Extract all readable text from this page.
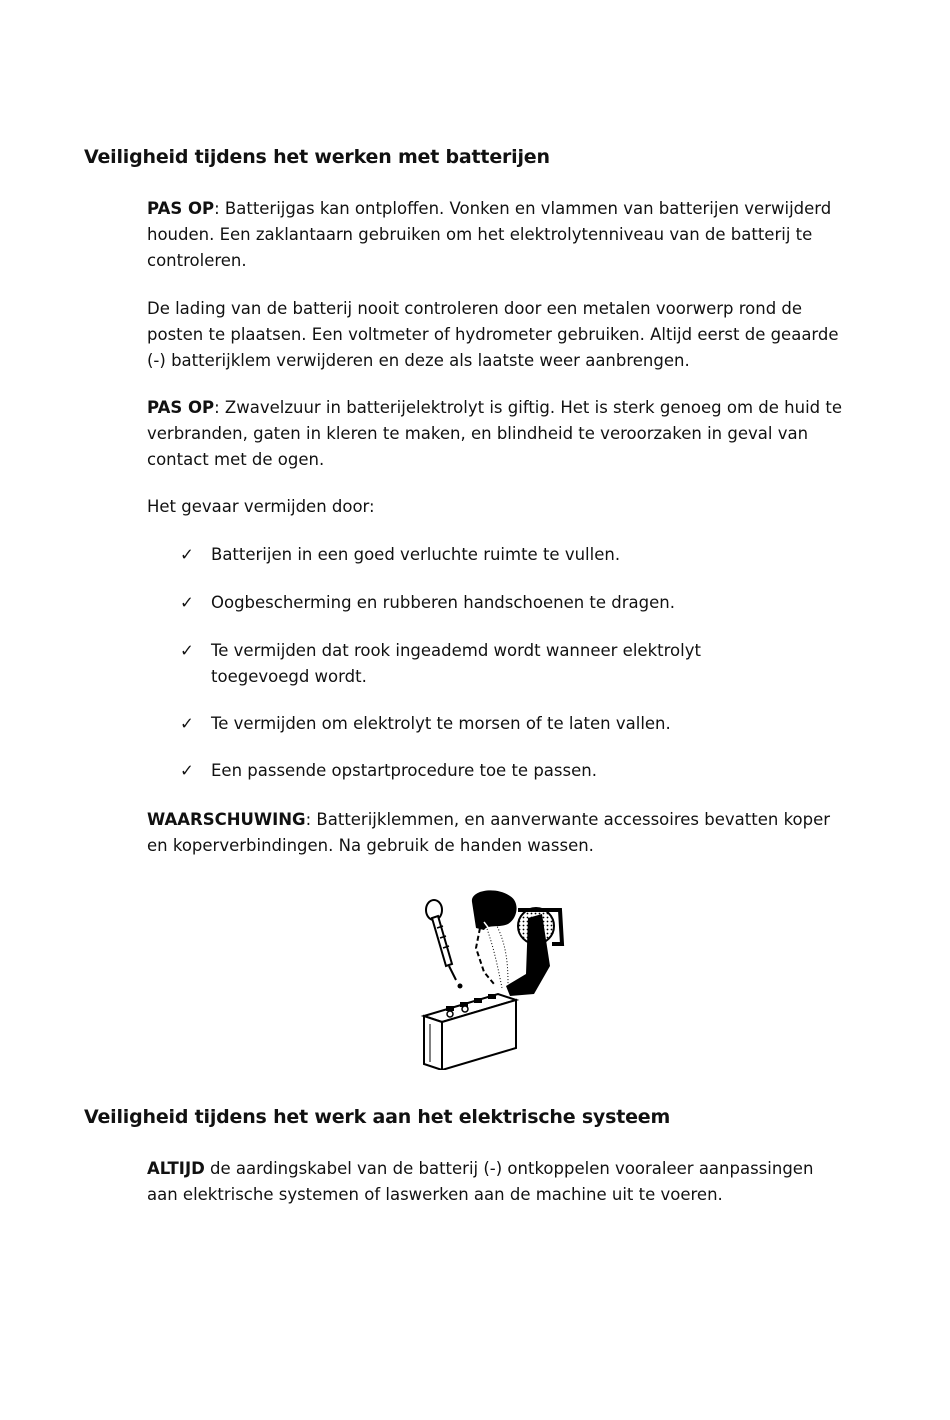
Veiligheid tijdens het werken met batterijen

PAS OP: Batterijgas kan ontploffen. Vonken en vlammen van batterijen verwijderd houden. Een zaklantaarn gebruiken om het elektrolytenniveau van de batterij te controleren.

De lading van de batterij nooit controleren door een metalen voorwerp rond de posten te plaatsen. Een voltmeter of hydrometer gebruiken. Altijd eerst de geaarde (-) batterijklem verwijderen en deze als laatste weer aanbrengen.

PAS OP: Zwavelzuur in batterijelektrolyt is giftig. Het is sterk genoeg om de huid te verbranden, gaten in kleren te maken, en blindheid te veroorzaken in geval van contact met de ogen.

Het gevaar vermijden door:

✓	Batterijen in een goed verluchte ruimte te vullen.
✓	Oogbescherming en rubberen handschoenen te dragen.
✓	Te vermijden dat rook ingeademd wordt wanneer elektrolyt toegevoegd wordt.
✓	Te vermijden om elektrolyt te morsen of te laten vallen.
✓	Een passende opstartprocedure toe te passen.

WAARSCHUWING: Batterijklemmen, en aanverwante accessoires bevatten koper en koperverbindingen. Na gebruik de handen wassen.

Veiligheid tijdens het werk aan het elektrische systeem

ALTIJD de aardingskabel van de batterij (-) ontkoppelen vooraleer aanpassingen aan elektrische systemen of laswerken aan de machine uit te voeren.
